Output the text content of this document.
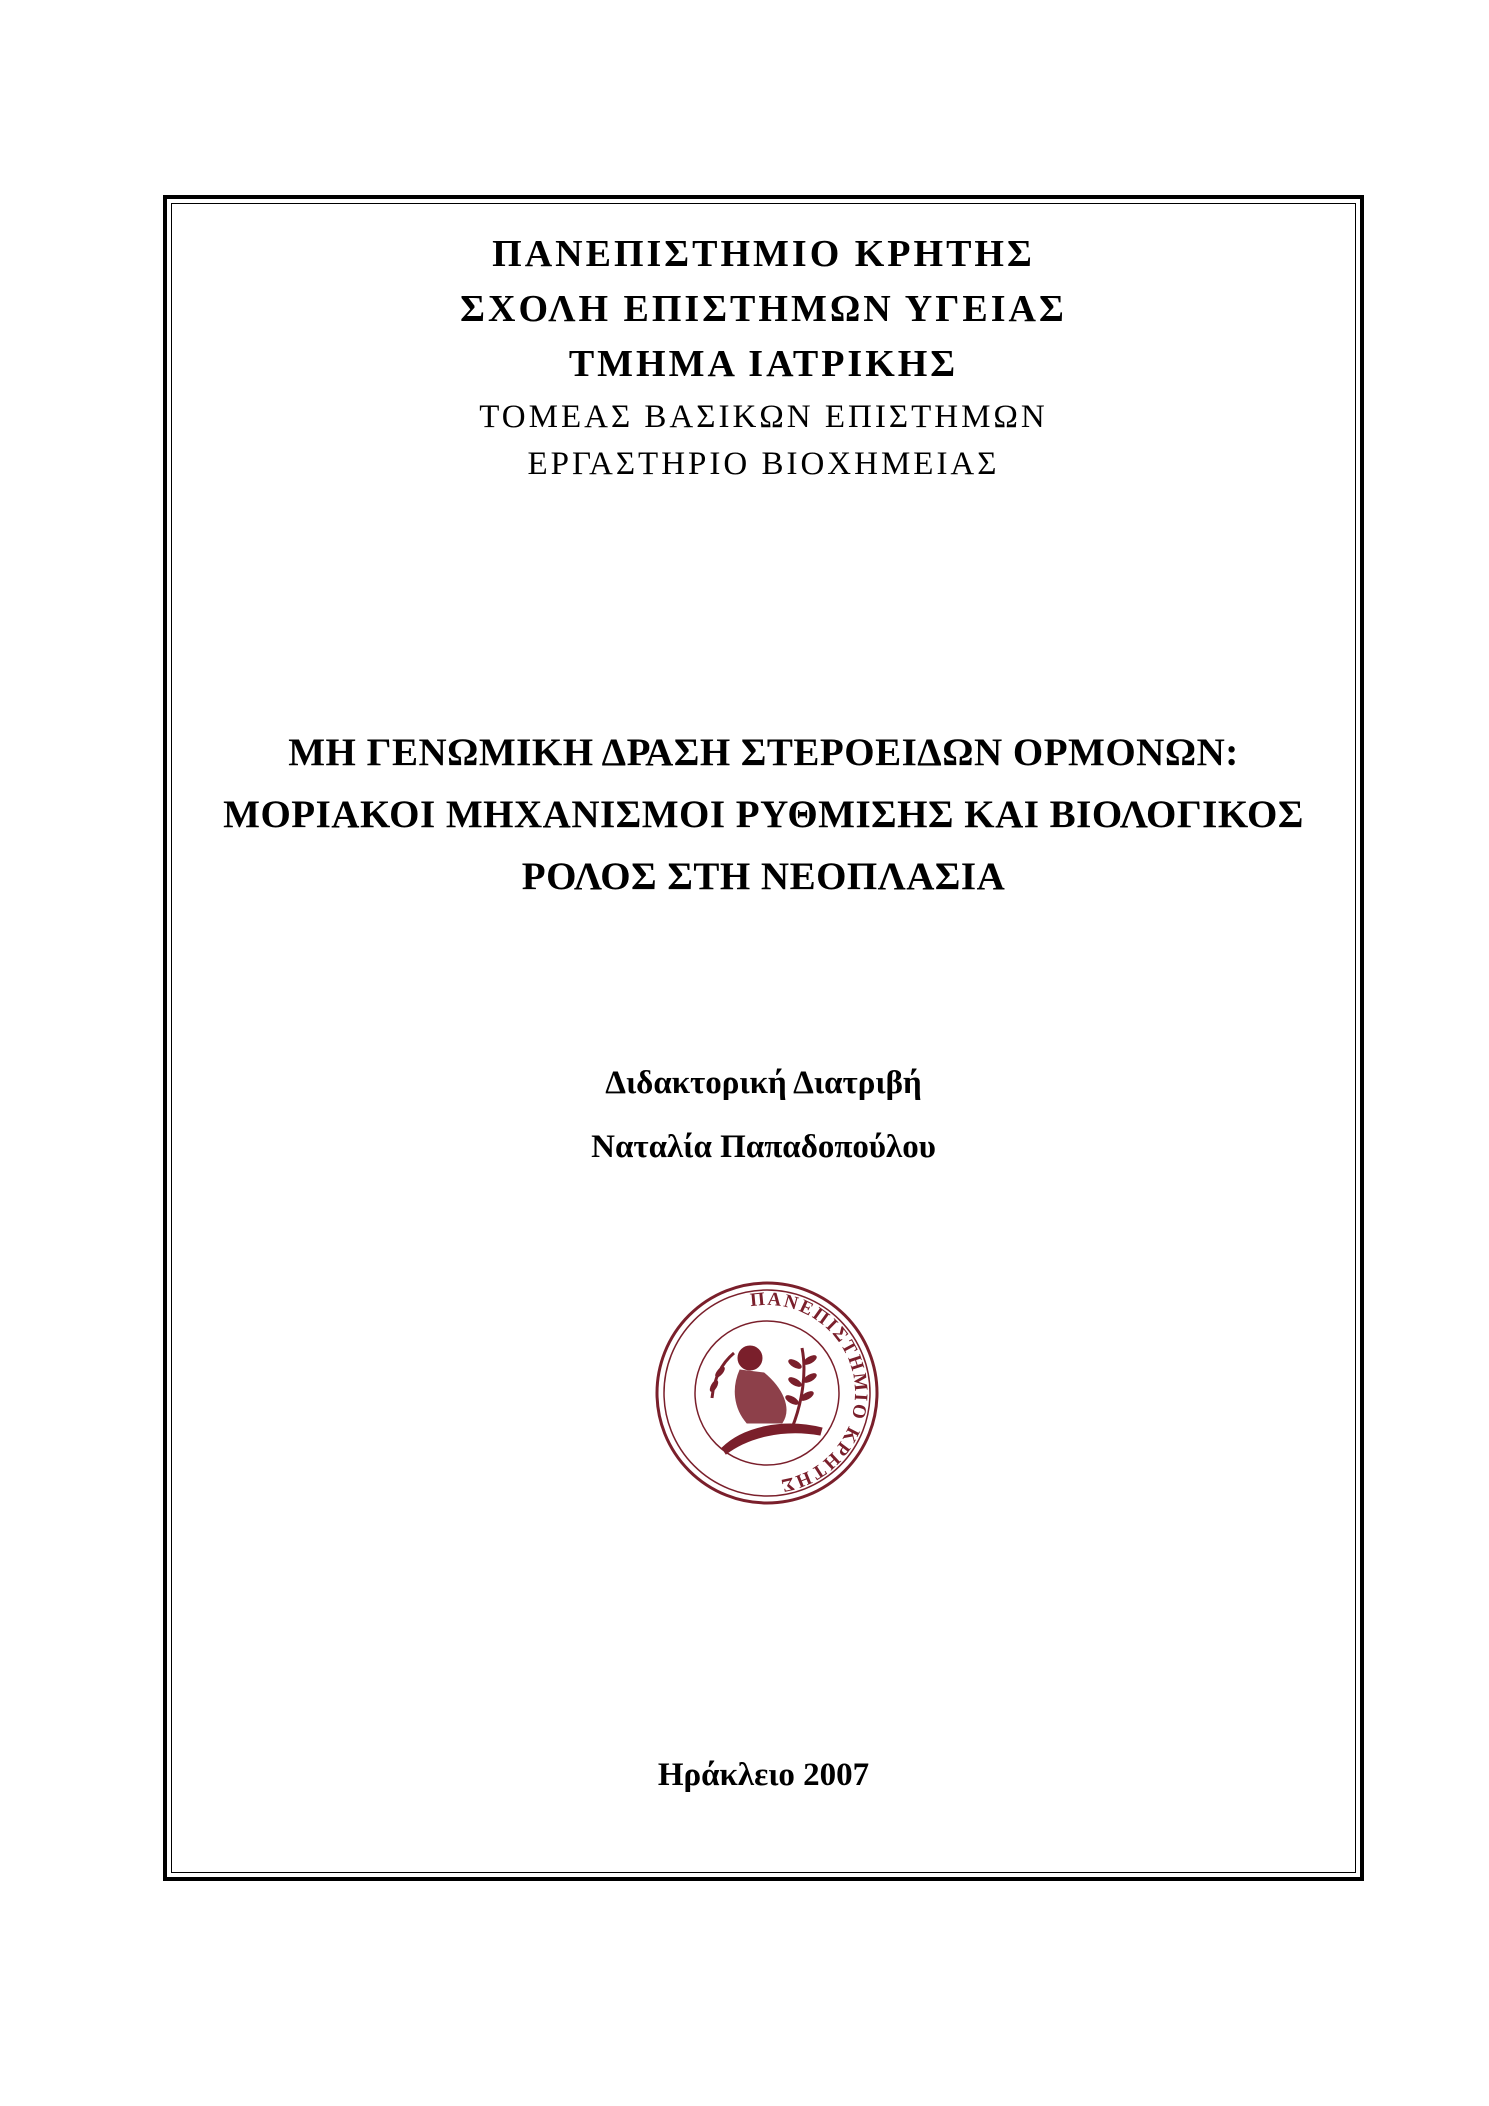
ΠΑΝΕΠΙΣΤΗΜΙΟ ΚΡΗΤΗΣ
ΣΧΟΛΗ ΕΠΙΣΤΗΜΩΝ ΥΓΕΙΑΣ
ΤΜΗΜΑ ΙΑΤΡΙΚΗΣ
ΤΟΜΕΑΣ ΒΑΣΙΚΩΝ ΕΠΙΣΤΗΜΩΝ
ΕΡΓΑΣΤΗΡΙΟ ΒΙΟΧΗΜΕΙΑΣ
ΜΗ ΓΕΝΩΜΙΚΗ ΔΡΑΣΗ ΣΤΕΡΟΕΙΔΩΝ ΟΡΜΟΝΩΝ:
ΜΟΡΙΑΚΟΙ ΜΗΧΑΝΙΣΜΟΙ ΡΥΘΜΙΣΗΣ ΚΑΙ ΒΙΟΛΟΓΙΚΟΣ
ΡΟΛΟΣ ΣΤΗ ΝΕΟΠΛΑΣΙΑ
Διδακτορική Διατριβή
Ναταλία Παπαδοπούλου
ΠΑΝΕΠΙΣΤΗΜΙΟ ΚΡΗΤΗΣ
Ηράκλειο 2007
